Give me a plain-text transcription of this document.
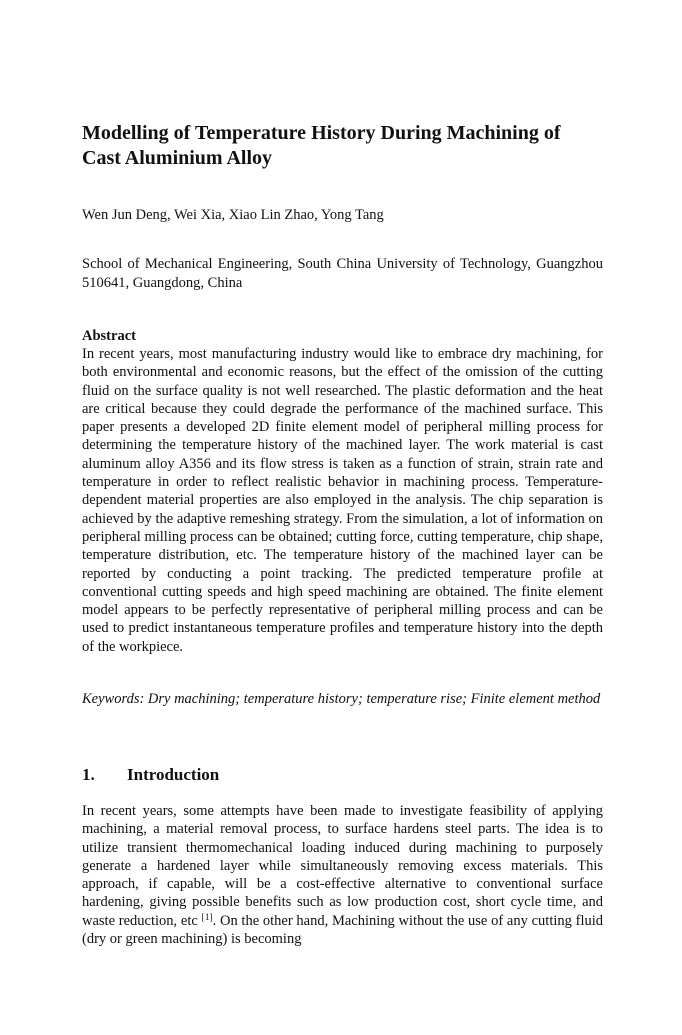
Modelling of Temperature History During Machining of Cast Aluminium Alloy

Wen Jun Deng, Wei Xia, Xiao Lin Zhao, Yong Tang

School of Mechanical Engineering, South China University of Technology, Guangzhou 510641, Guangdong, China

Abstract

In recent years, most manufacturing industry would like to embrace dry machining, for both environmental and economic reasons, but the effect of the omission of the cutting fluid on the surface quality is not well researched. The plastic deformation and the heat are critical because they could degrade the performance of the machined surface. This paper presents a developed 2D finite element model of peripheral milling process for determining the temperature history of the machined layer. The work material is cast aluminum alloy A356 and its flow stress is taken as a function of strain, strain rate and temperature in order to reflect realistic behavior in machining process. Temperature-dependent material properties are also employed in the analysis. The chip separation is achieved by the adaptive remeshing strategy. From the simulation, a lot of information on peripheral milling process can be obtained; cutting force, cutting temperature, chip shape, temperature distribution, etc. The temperature history of the machined layer can be reported by conducting a point tracking. The predicted temperature profile at conventional cutting speeds and high speed machining are obtained. The finite element model appears to be perfectly representative of peripheral milling process and can be used to predict instantaneous temperature profiles and temperature history into the depth of the workpiece.

Keywords: Dry machining; temperature history; temperature rise; Finite element method

1. Introduction

In recent years, some attempts have been made to investigate feasibility of applying machining, a material removal process, to surface hardens steel parts. The idea is to utilize transient thermomechanical loading induced during machining to purposely generate a hardened layer while simultaneously removing excess materials. This approach, if capable, will be a cost-effective alternative to conventional surface hardening, giving possible benefits such as low production cost, short cycle time, and waste reduction, etc [1]. On the other hand, Machining without the use of any cutting fluid (dry or green machining) is becoming
